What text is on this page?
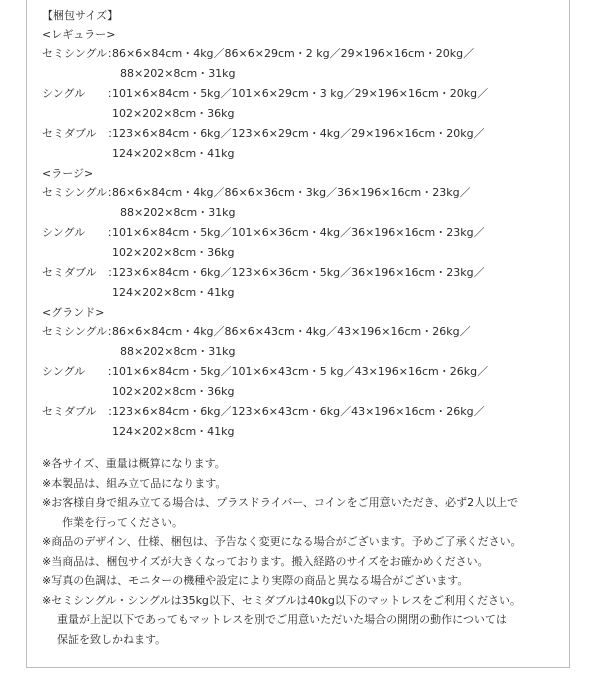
【梱包サイズ】
<レギュラー>
セミシングル：
86×6×84cm・4kg／86×6×29cm・2 kg／29×196×16cm・20kg／
88×202×8cm・31kg
シングル　　：
101×6×84cm・5kg／101×6×29cm・3 kg／29×196×16cm・20kg／
102×202×8cm・36kg
セミダブル　：
123×6×84cm・6kg／123×6×29cm・4kg／29×196×16cm・20kg／
124×202×8cm・41kg
<ラージ>
セミシングル：
86×6×84cm・4kg／86×6×36cm・3kg／36×196×16cm・23kg／
88×202×8cm・31kg
シングル　　：
101×6×84cm・5kg／101×6×36cm・4kg／36×196×16cm・23kg／
102×202×8cm・36kg
セミダブル　：
123×6×84cm・6kg／123×6×36cm・5kg／36×196×16cm・23kg／
124×202×8cm・41kg
<グランド>
セミシングル：
86×6×84cm・4kg／86×6×43cm・4kg／43×196×16cm・26kg／
88×202×8cm・31kg
シングル　　：
101×6×84cm・5kg／101×6×43cm・5 kg／43×196×16cm・26kg／
102×202×8cm・36kg
セミダブル　：
123×6×84cm・6kg／123×6×43cm・6kg／43×196×16cm・26kg／
124×202×8cm・41kg
※各サイズ、重量は概算になります。
※本製品は、組み立て品になります。
※お客様自身で組み立てる場合は、プラスドライバー、コインをご用意いただき、必ず2人以上で
作業を行ってください。
※商品のデザイン、仕様、梱包は、予告なく変更になる場合がございます。予めご了承ください。
※当商品は、梱包サイズが大きくなっております。搬入経路のサイズをお確かめください。
※写真の色調は、モニターの機種や設定により実際の商品と異なる場合がございます。
※セミシングル・シングルは35kg以下、セミダブルは40kg以下のマットレスをご利用ください。
重量が上記以下であってもマットレスを別でご用意いただいた場合の開閉の動作については
保証を致しかねます。
